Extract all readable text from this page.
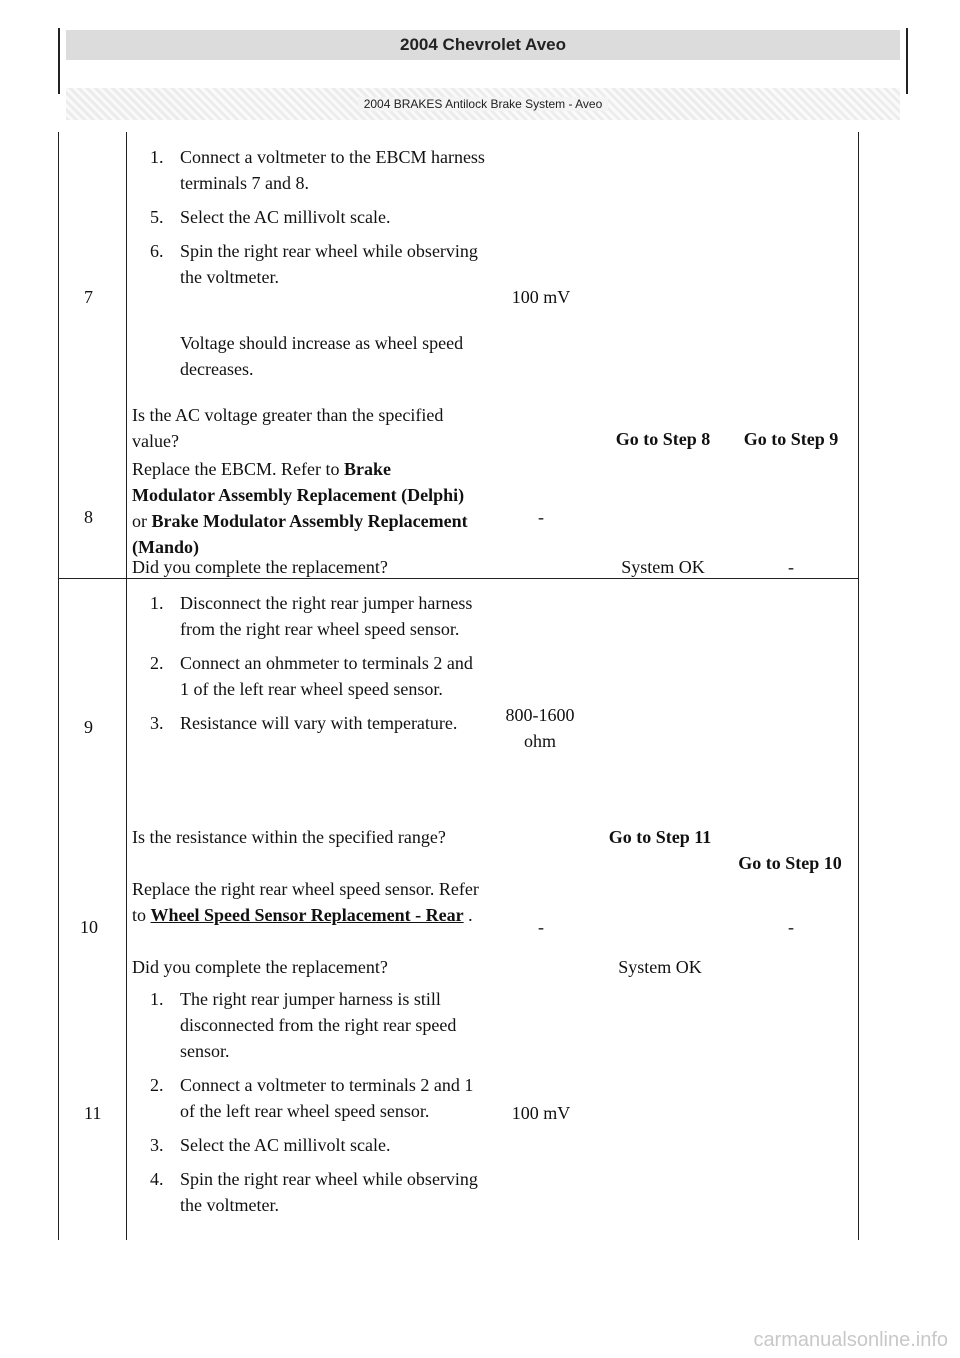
2004 Chevrolet Aveo
2004 BRAKES Antilock Brake System - Aveo
7
1. Connect a voltmeter to the EBCM harness terminals 7 and 8.
5. Select the AC millivolt scale.
6. Spin the right rear wheel while observing the voltmeter.
Voltage should increase as wheel speed decreases.
Is the AC voltage greater than the specified value?
100 mV
Go to Step 8	Go to Step 9
8
Replace the EBCM. Refer to Brake Modulator Assembly Replacement (Delphi) or Brake Modulator Assembly Replacement (Mando)
Did you complete the replacement?
-
System OK	-
9
1. Disconnect the right rear jumper harness from the right rear wheel speed sensor.
2. Connect an ohmmeter to terminals 2 and 1 of the left rear wheel speed sensor.
3. Resistance will vary with temperature.
Is the resistance within the specified range?
800-1600 ohm
Go to Step 11
Go to Step 10
10
Replace the right rear wheel speed sensor. Refer to Wheel Speed Sensor Replacement - Rear .
Did you complete the replacement?
-
System OK
-
11
1. The right rear jumper harness is still disconnected from the right rear speed sensor.
2. Connect a voltmeter to terminals 2 and 1 of the left rear wheel speed sensor.
3. Select the AC millivolt scale.
4. Spin the right rear wheel while observing the voltmeter.
100 mV
carmanualsonline.info
